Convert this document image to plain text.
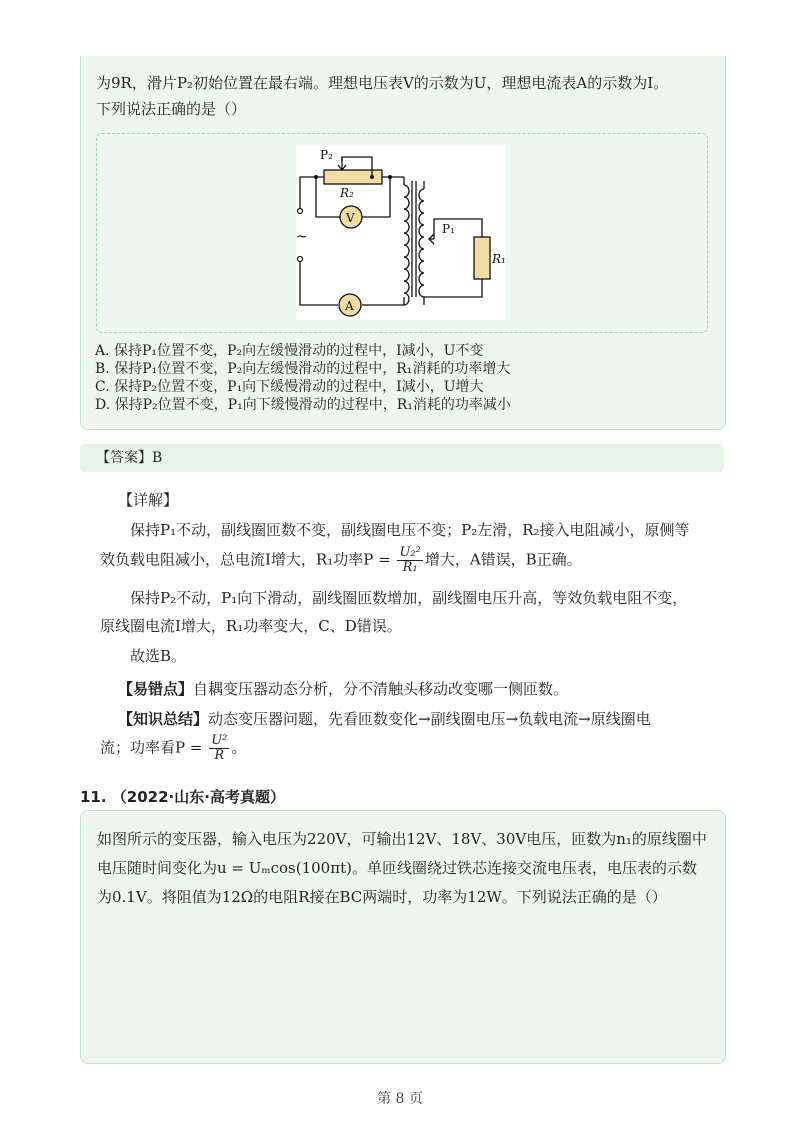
为9R，滑片P₂初始位置在最右端。理想电压表V的示数为U，理想电流表A的示数为I。
下列说法正确的是（）
P₂
R₂
V
P₁
R₁
A
~
A. 保持P₁位置不变，P₂向左缓慢滑动的过程中，I减小，U不变
B. 保持P₁位置不变，P₂向左缓慢滑动的过程中，R₁消耗的功率增大
C. 保持P₂位置不变，P₁向下缓慢滑动的过程中，I减小，U增大
D. 保持P₂位置不变，P₁向下缓慢滑动的过程中，R₁消耗的功率减小
【答案】B
【详解】
保持P₁不动，副线圈匝数不变，副线圈电压不变；P₂左滑，R₂接入电阻减小，原侧等
效负载电阻减小，总电流I增大，R₁功率$P = \frac{\text{U₂²}}{\text{R₁}}$ 增大，A错误，B正确。
保持P₂不动，P₁向下滑动，副线圈匝数增加，副线圈电压升高，等效负载电阻不变，
原线圈电流I增大，R₁功率变大，C、D错误。
故选B。
【易错点】自耦变压器动态分析，分不清触头移动改变哪一侧匝数。
【知识总结】动态变压器问题，先看匝数变化→副线圈电压→负载电流→原线圈电
流；功率看$P = \frac{\text{U²}}{R}$ 。
11. （2022·山东·高考真题）
如图所示的变压器，输入电压为220V，可输出12V、18V、30V电压，匝数为n₁的原线圈中
电压随时间变化为u = Uₘcos(100πt)。单匝线圈绕过铁芯连接交流电压表，电压表的示数
为0.1V。将阻值为12Ω的电阻R接在BC两端时，功率为12W。下列说法正确的是（）
第 8 页
